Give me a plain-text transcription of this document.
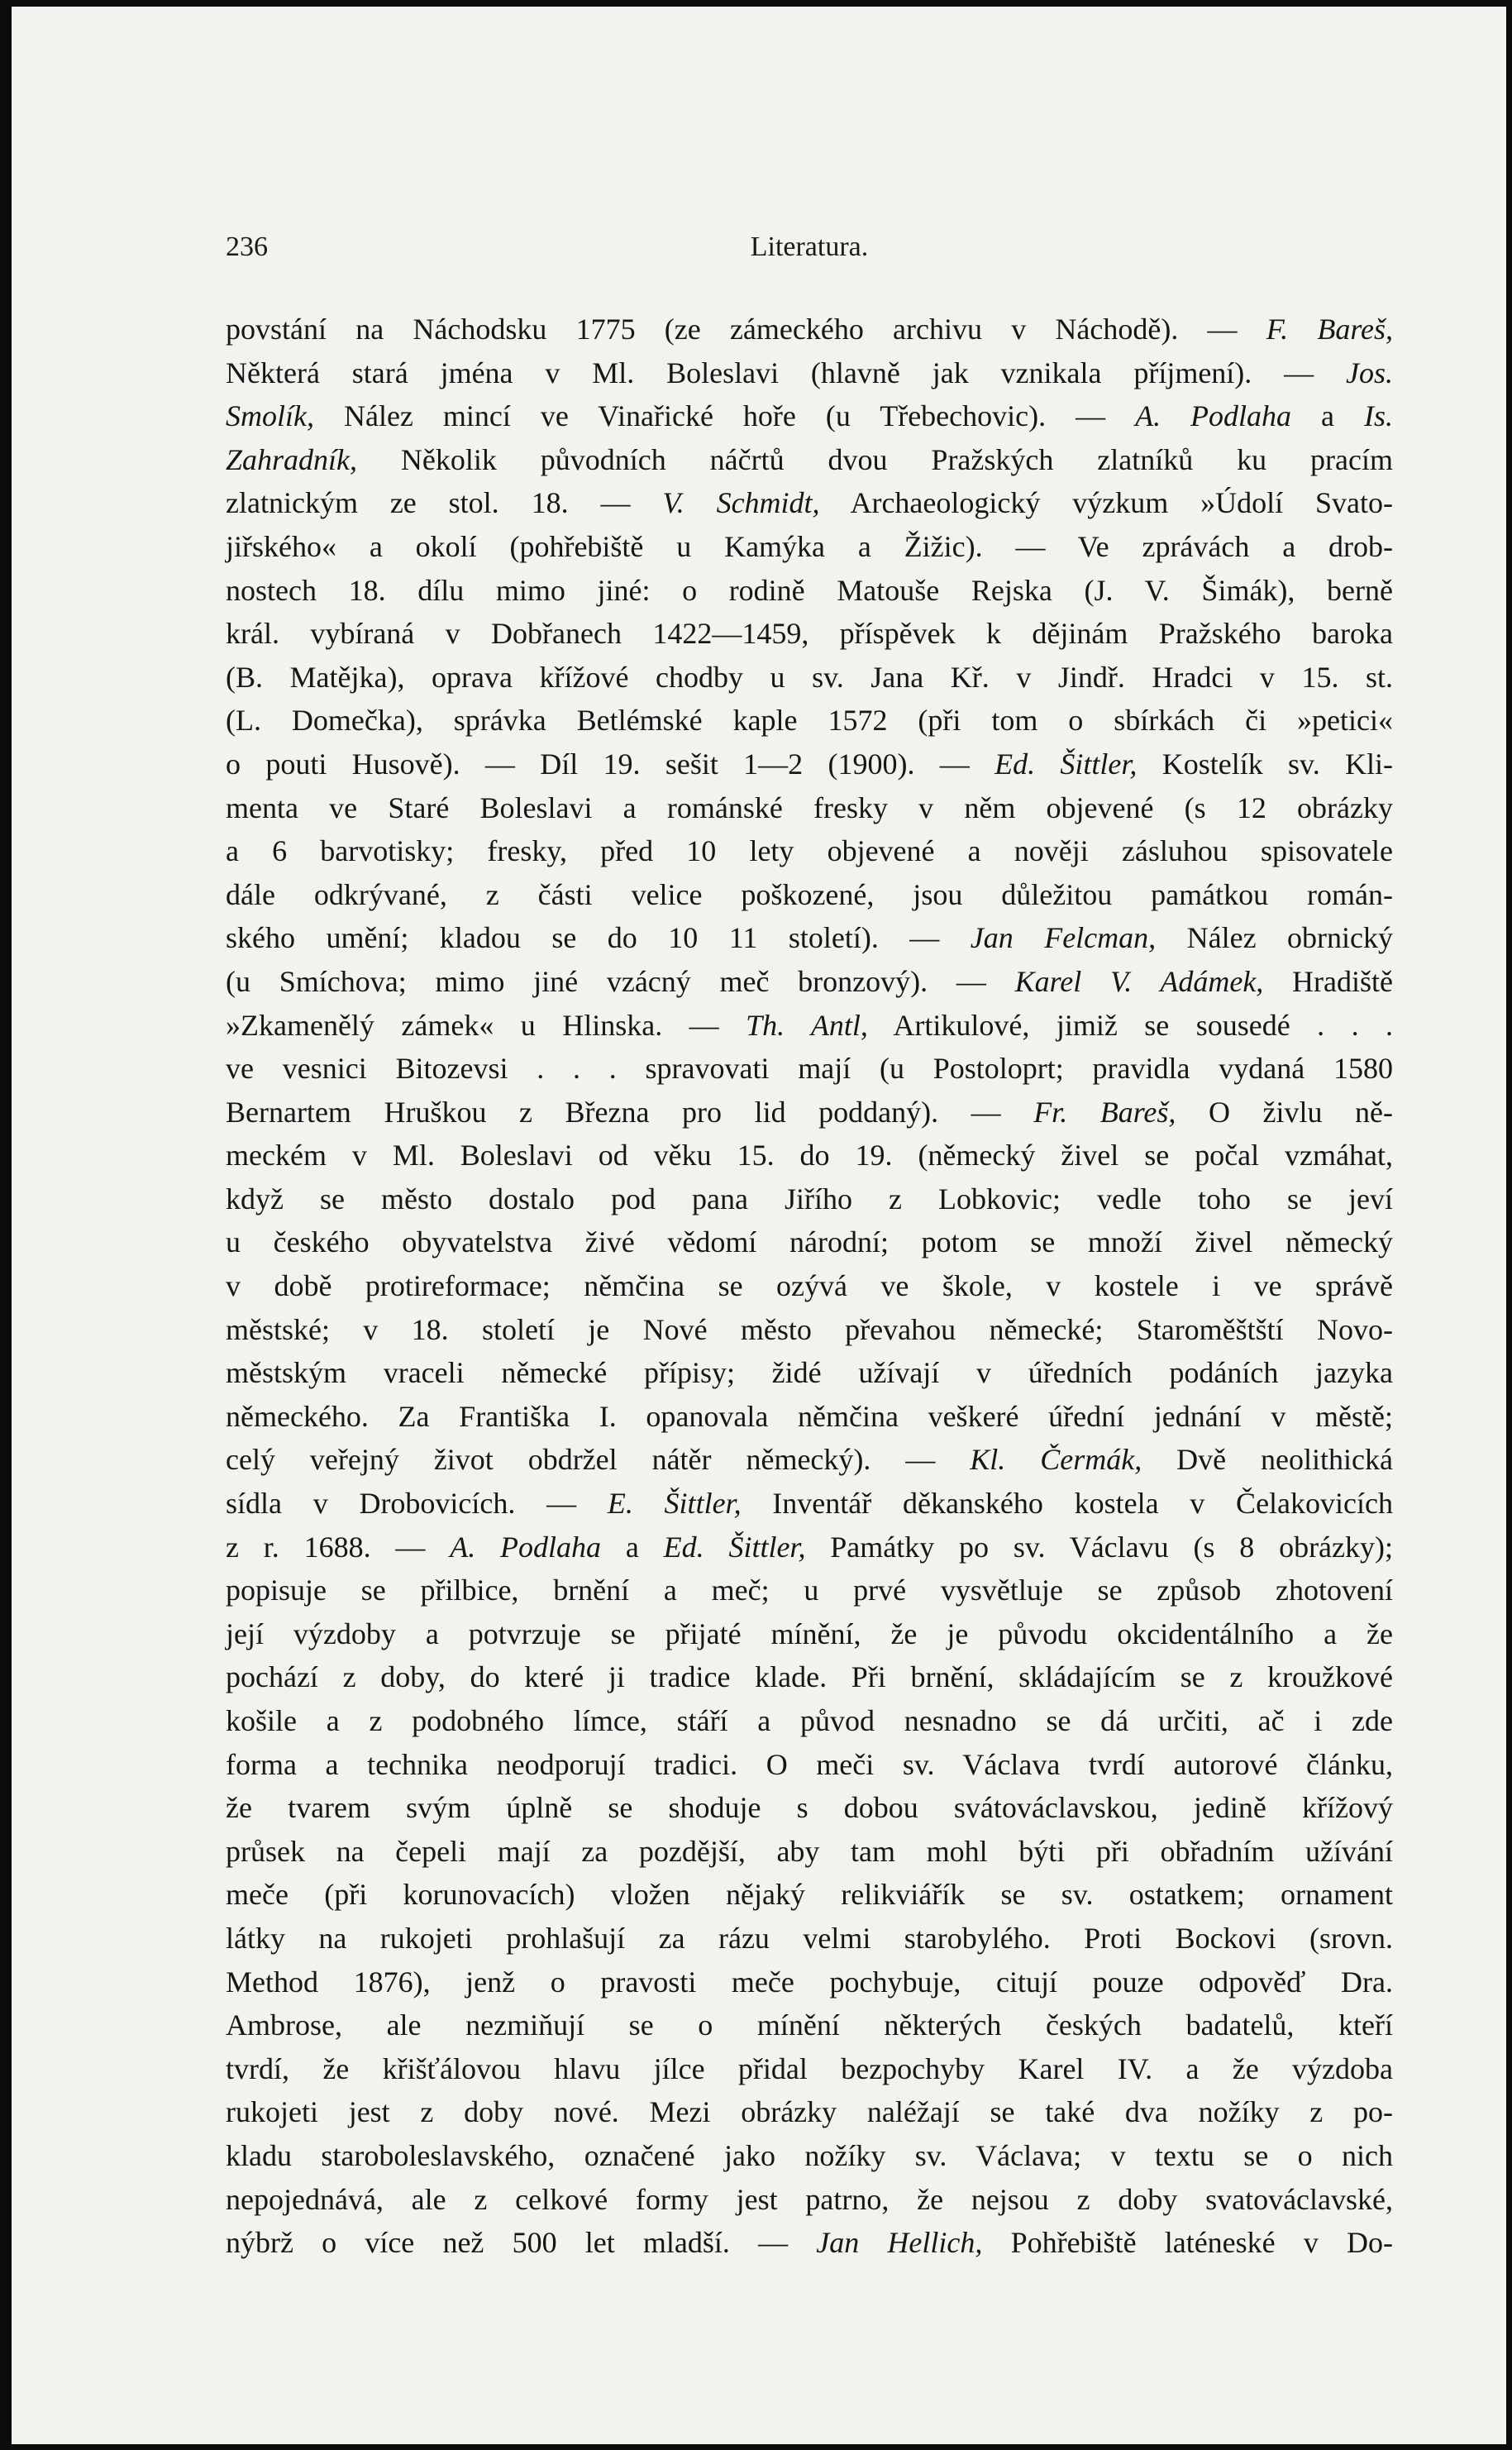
236	Literatura.
povstání na Náchodsku 1775 (ze zámeckého archivu v Náchodě). — F. Bareš,
Některá stará jména v Ml. Boleslavi (hlavně jak vznikala příjmení). — Jos.
Smolík, Nález mincí ve Vinařické hoře (u Třebechovic). — A. Podlaha a Is.
Zahradník, Několik původních náčrtů dvou Pražských zlatníků ku pracím
zlatnickým ze stol. 18. — V. Schmidt, Archaeologický výzkum »Údolí Svato-
jiřského« a okolí (pohřebiště u Kamýka a Žižic). — Ve zprávách a drob-
nostech 18. dílu mimo jiné: o rodině Matouše Rejska (J. V. Šimák), berně
král. vybíraná v Dobřanech 1422—1459, příspěvek k dějinám Pražského baroka
(B. Matějka), oprava křížové chodby u sv. Jana Kř. v Jindř. Hradci v 15. st.
(L. Domečka), správka Betlémské kaple 1572 (při tom o sbírkách či »petici«
o pouti Husově). — Díl 19. sešit 1—2 (1900). — Ed. Šittler, Kostelík sv. Kli-
menta ve Staré Boleslavi a románské fresky v něm objevené (s 12 obrázky
a 6 barvotisky; fresky, před 10 lety objevené a nověji zásluhou spisovatele
dále odkrývané, z části velice poškozené, jsou důležitou památkou román-
ského umění; kladou se do 10 11 století). — Jan Felcman, Nález obrnický
(u Smíchova; mimo jiné vzácný meč bronzový). — Karel V. Adámek, Hradiště
»Zkamenělý zámek« u Hlinska. — Th. Antl, Artikulové, jimiž se sousedé . . .
ve vesnici Bitozevsi . . . spravovati mají (u Postoloprt; pravidla vydaná 1580
Bernartem Hruškou z Března pro lid poddaný). — Fr. Bareš, O živlu ně-
meckém v Ml. Boleslavi od věku 15. do 19. (německý živel se počal vzmáhat,
když se město dostalo pod pana Jiřího z Lobkovic; vedle toho se jeví
u českého obyvatelstva živé vědomí národní; potom se množí živel německý
v době protireformace; němčina se ozývá ve škole, v kostele i ve správě
městské; v 18. století je Nové město převahou německé; Staroměštští Novo-
městským vraceli německé přípisy; židé užívají v úředních podáních jazyka
německého. Za Františka I. opanovala němčina veškeré úřední jednání v městě;
celý veřejný život obdržel nátěr německý). — Kl. Čermák, Dvě neolithická
sídla v Drobovicích. — E. Šittler, Inventář děkanského kostela v Čelakovicích
z r. 1688. — A. Podlaha a Ed. Šittler, Památky po sv. Václavu (s 8 obrázky);
popisuje se přilbice, brnění a meč; u prvé vysvětluje se způsob zhotovení
její výzdoby a potvrzuje se přijaté mínění, že je původu okcidentálního a že
pochází z doby, do které ji tradice klade. Při brnění, skládajícím se z kroužkové
košile a z podobného límce, stáří a původ nesnadno se dá určiti, ač i zde
forma a technika neodporují tradici. O meči sv. Václava tvrdí autorové článku,
že tvarem svým úplně se shoduje s dobou svátováclavskou, jedině křížový
průsek na čepeli mají za pozdější, aby tam mohl býti při obřadním užívání
meče (při korunovacích) vložen nějaký relikviářík se sv. ostatkem; ornament
látky na rukojeti prohlašují za rázu velmi starobylého. Proti Bockovi (srovn.
Method 1876), jenž o pravosti meče pochybuje, citují pouze odpověď Dra.
Ambrose, ale nezmiňují se o mínění některých českých badatelů, kteří
tvrdí, že křišťálovou hlavu jílce přidal bezpochyby Karel IV. a že výzdoba
rukojeti jest z doby nové. Mezi obrázky naléžají se také dva nožíky z po-
kladu staroboleslavského, označené jako nožíky sv. Václava; v textu se o nich
nepojednává, ale z celkové formy jest patrno, že nejsou z doby svatováclavské,
nýbrž o více než 500 let mladší. — Jan Hellich, Pohřebiště laténeské v Do-
